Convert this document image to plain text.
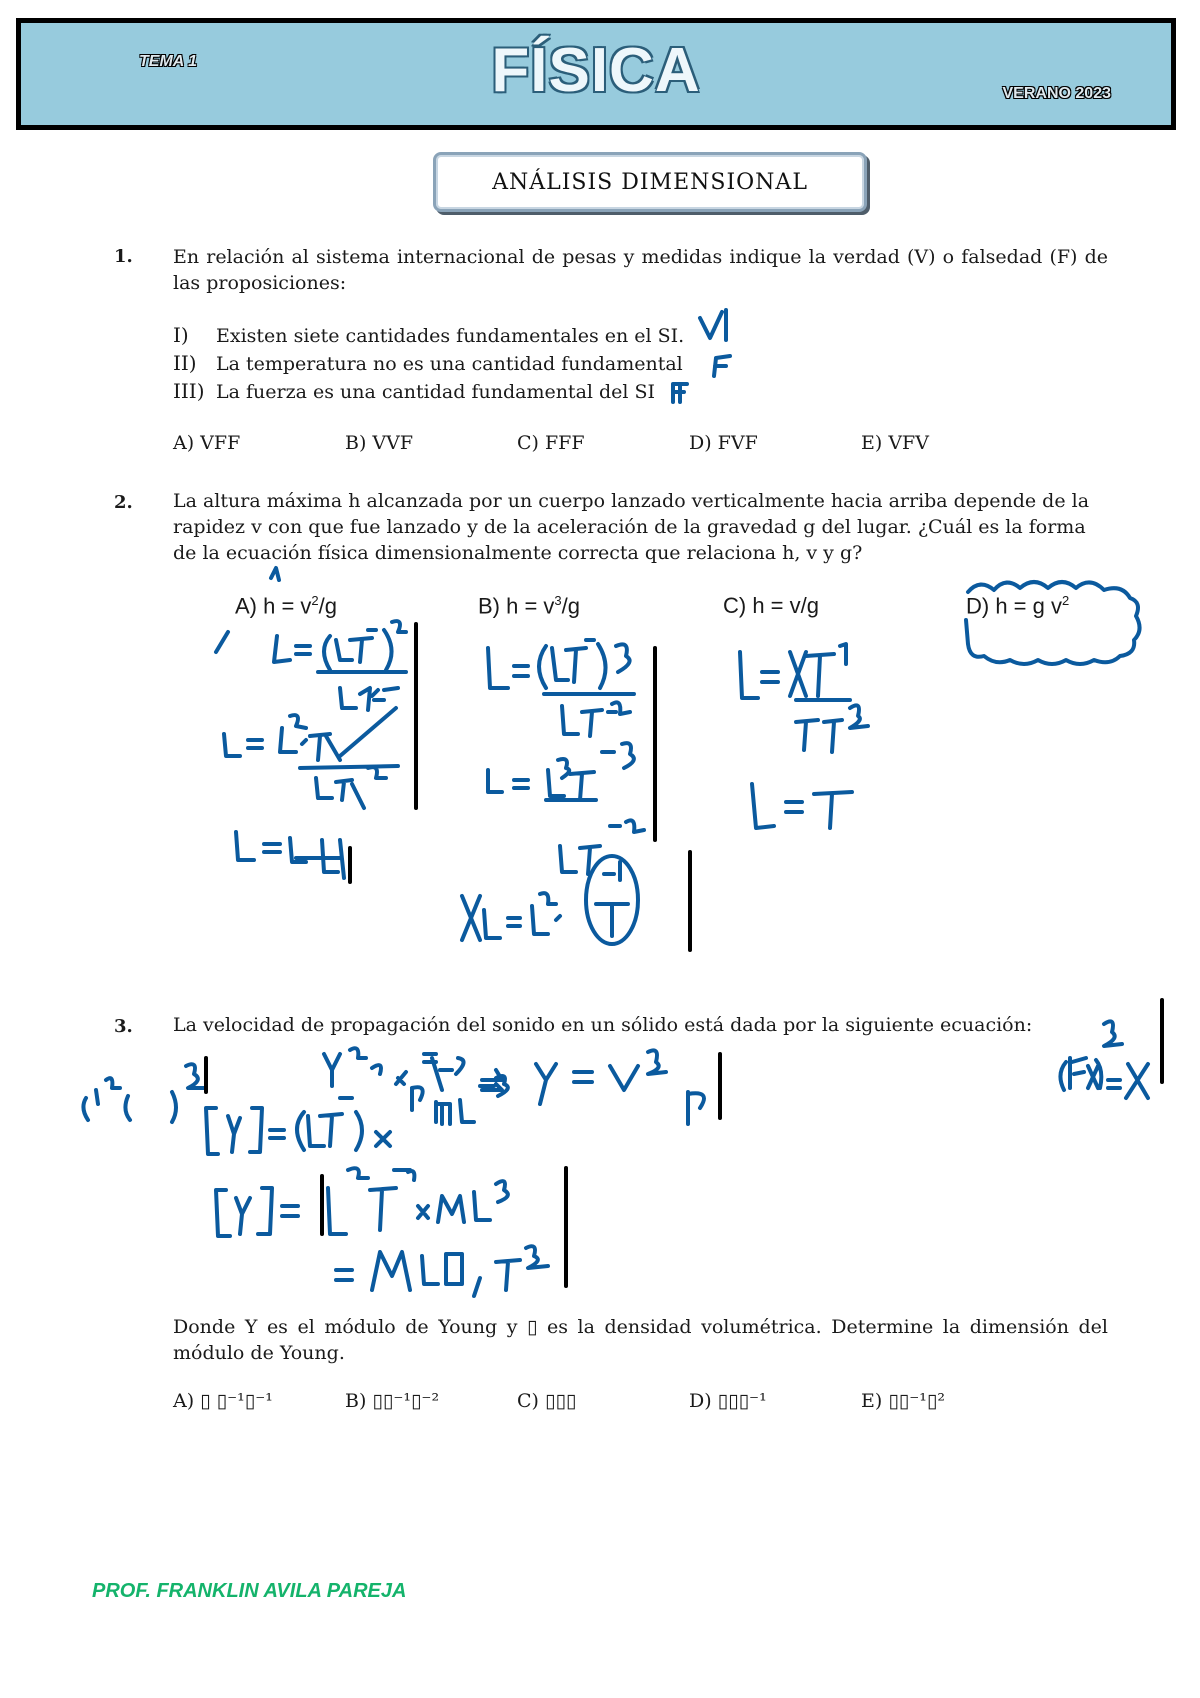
TEMA 1	FÍSICA	VERANO 2023
ANÁLISIS DIMENSIONAL
1. En relación al sistema internacional de pesas y medidas indique la verdad (V) o falsedad (F) de las proposiciones:
I) Existen siete cantidades fundamentales en el SI.
II) La temperatura no es una cantidad fundamental
III) La fuerza es una cantidad fundamental del SI
A) VFF	B) VVF	C) FFF	D) FVF	E) VFV
2. La altura máxima h alcanzada por un cuerpo lanzado verticalmente hacia arriba depende de la rapidez v con que fue lanzado y de la aceleración de la gravedad g del lugar. ¿Cuál es la forma de la ecuación física dimensionalmente correcta que relaciona h, v y g?
A) $h = v^2/g$	B) $h = v^3/g$	C) h = v/g	D) h = g $v^2$
3. La velocidad de propagación del sonido en un sólido está dada por la siguiente ecuación:
Donde Y es el módulo de Young y ▯ es la densidad volumétrica. Determine la dimensión del módulo de Young.
A) ▯ ▯⁻¹▯⁻¹	B) ▯▯⁻¹▯⁻²	C) ▯▯▯	D) ▯▯▯⁻¹	E) ▯▯⁻¹▯²
PROF. FRANKLIN AVILA PAREJA
